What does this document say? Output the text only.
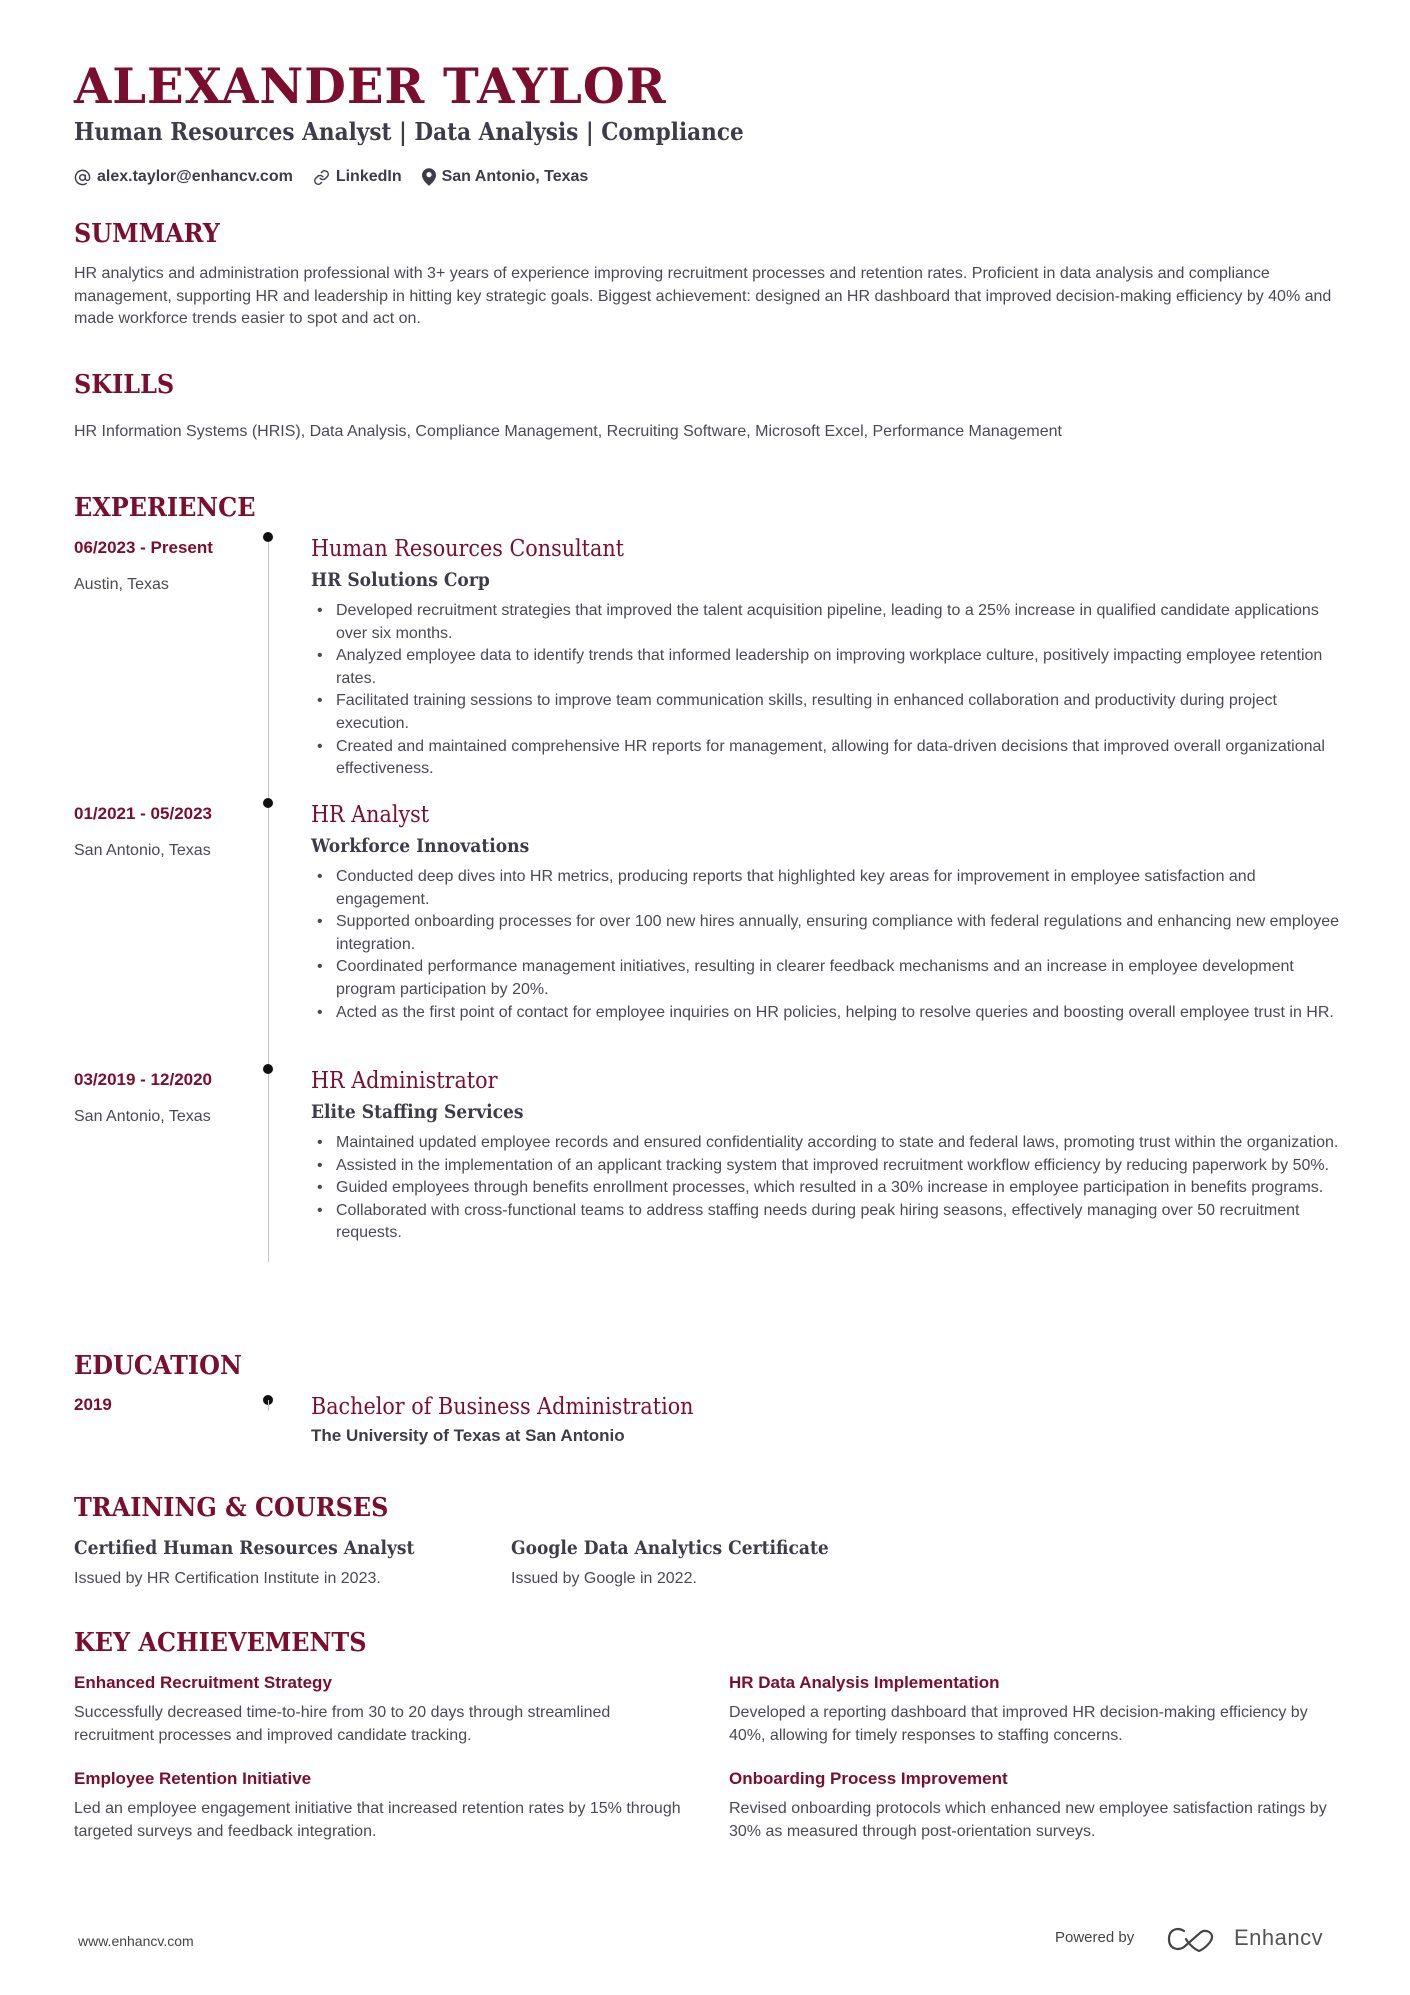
ALEXANDER TAYLOR
Human Resources Analyst | Data Analysis | Compliance
alex.taylor@enhancv.com	LinkedIn	San Antonio, Texas
SUMMARY
HR analytics and administration professional with 3+ years of experience improving recruitment processes and retention rates. Proficient in data analysis and compliance management, supporting HR and leadership in hitting key strategic goals. Biggest achievement: designed an HR dashboard that improved decision-making efficiency by 40% and made workforce trends easier to spot and act on.
SKILLS
HR Information Systems (HRIS), Data Analysis, Compliance Management, Recruiting Software, Microsoft Excel, Performance Management
EXPERIENCE
06/2023 - Present
Austin, Texas
Human Resources Consultant
HR Solutions Corp
• Developed recruitment strategies that improved the talent acquisition pipeline, leading to a 25% increase in qualified candidate applications over six months.
• Analyzed employee data to identify trends that informed leadership on improving workplace culture, positively impacting employee retention rates.
• Facilitated training sessions to improve team communication skills, resulting in enhanced collaboration and productivity during project execution.
• Created and maintained comprehensive HR reports for management, allowing for data-driven decisions that improved overall organizational effectiveness.
01/2021 - 05/2023
San Antonio, Texas
HR Analyst
Workforce Innovations
• Conducted deep dives into HR metrics, producing reports that highlighted key areas for improvement in employee satisfaction and engagement.
• Supported onboarding processes for over 100 new hires annually, ensuring compliance with federal regulations and enhancing new employee integration.
• Coordinated performance management initiatives, resulting in clearer feedback mechanisms and an increase in employee development program participation by 20%.
• Acted as the first point of contact for employee inquiries on HR policies, helping to resolve queries and boosting overall employee trust in HR.
03/2019 - 12/2020
San Antonio, Texas
HR Administrator
Elite Staffing Services
• Maintained updated employee records and ensured confidentiality according to state and federal laws, promoting trust within the organization.
• Assisted in the implementation of an applicant tracking system that improved recruitment workflow efficiency by reducing paperwork by 50%.
• Guided employees through benefits enrollment processes, which resulted in a 30% increase in employee participation in benefits programs.
• Collaborated with cross-functional teams to address staffing needs during peak hiring seasons, effectively managing over 50 recruitment requests.
EDUCATION
2019	Bachelor of Business Administration
The University of Texas at San Antonio
TRAINING & COURSES
Certified Human Resources Analyst
Issued by HR Certification Institute in 2023.
Google Data Analytics Certificate
Issued by Google in 2022.
KEY ACHIEVEMENTS
Enhanced Recruitment Strategy
Successfully decreased time-to-hire from 30 to 20 days through streamlined recruitment processes and improved candidate tracking.
HR Data Analysis Implementation
Developed a reporting dashboard that improved HR decision-making efficiency by 40%, allowing for timely responses to staffing concerns.
Employee Retention Initiative
Led an employee engagement initiative that increased retention rates by 15% through targeted surveys and feedback integration.
Onboarding Process Improvement
Revised onboarding protocols which enhanced new employee satisfaction ratings by 30% as measured through post-orientation surveys.
www.enhancv.com	Powered by	Enhancv
